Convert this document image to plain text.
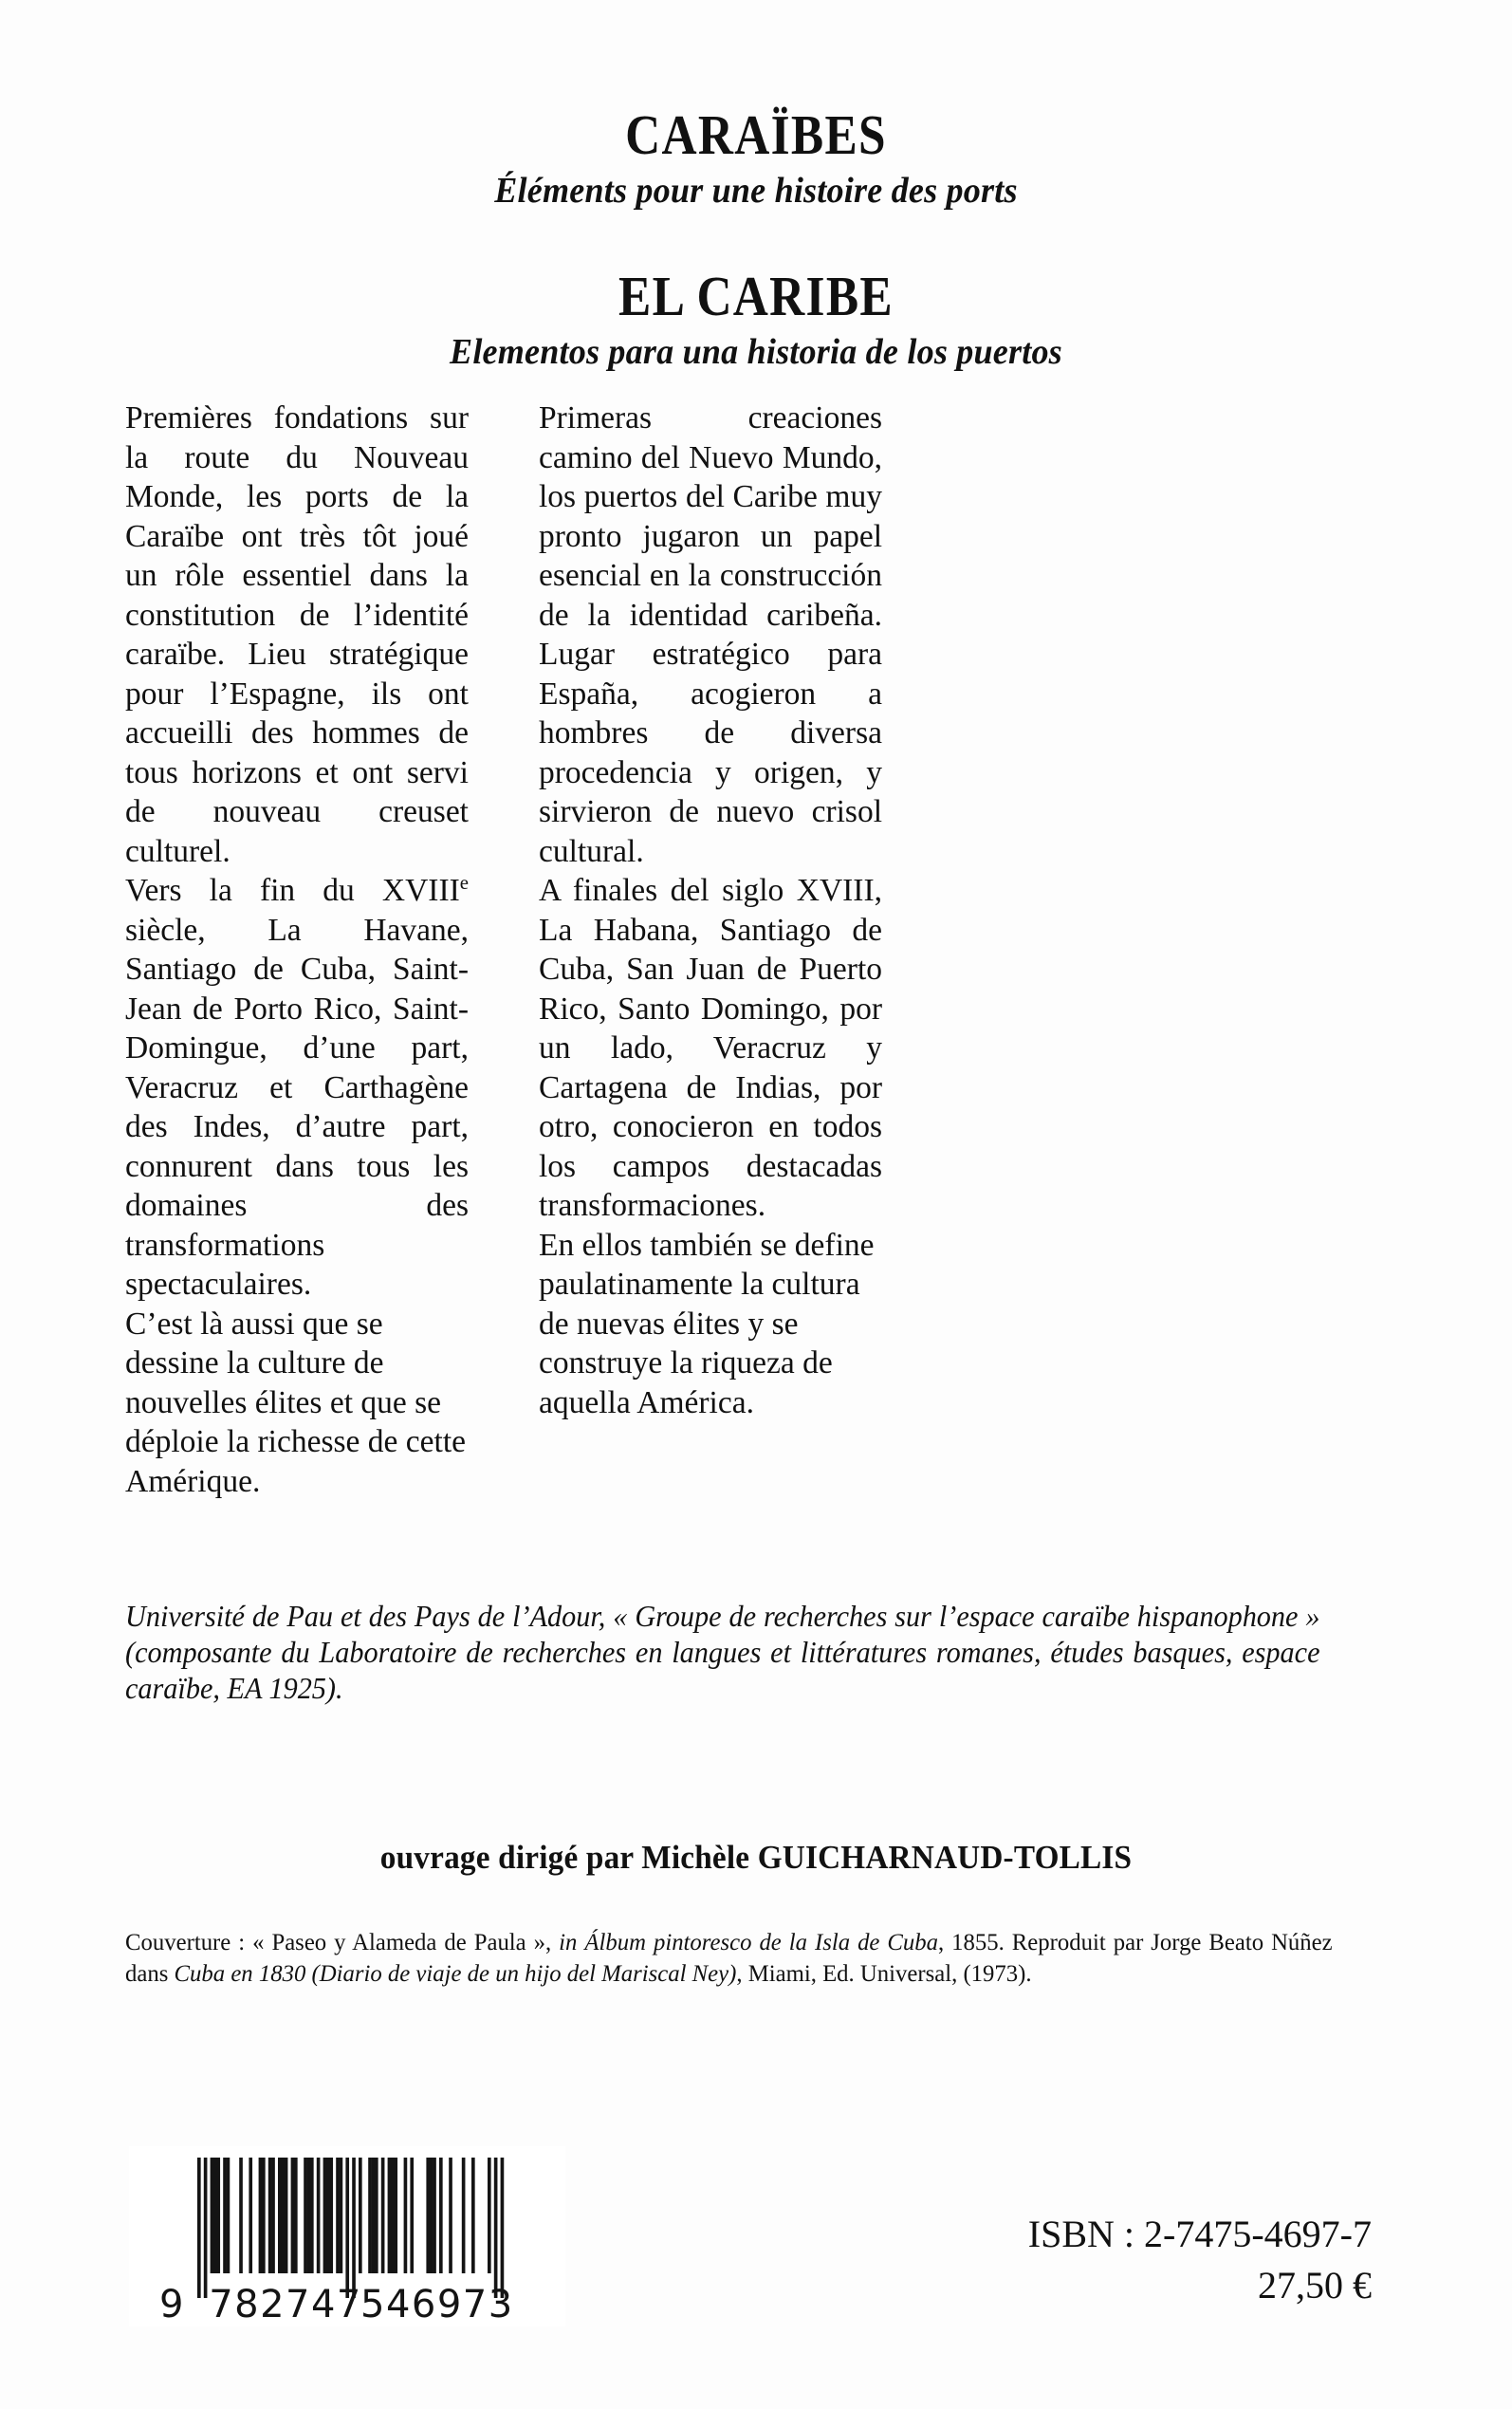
CARAÏBES
Éléments pour une histoire des ports
EL CARIBE
Elementos para una historia de los puertos

Premières fondations sur la route du Nouveau Monde, les ports de la Caraïbe ont très tôt joué un rôle essentiel dans la constitution de l’identité caraïbe. Lieu stratégique pour l’Espagne, ils ont accueilli des hommes de tous horizons et ont servi de nouveau creuset culturel.

Vers la fin du XVIIIe siècle, La Havane, Santiago de Cuba, Saint-Jean de Porto Rico, Saint-Domingue, d’une part, Veracruz et Carthagène des Indes, d’autre part, connurent dans tous les domaines des transformations spectaculaires.

C’est là aussi que se dessine la culture de nouvelles élites et que se déploie la richesse de cette Amérique.

Primeras creaciones camino del Nuevo Mundo, los puertos del Caribe muy pronto jugaron un papel esencial en la construcción de la identidad caribeña. Lugar estratégico para España, acogieron a hombres de diversa procedencia y origen, y sirvieron de nuevo crisol cultural.

A finales del siglo XVIII, La Habana, Santiago de Cuba, San Juan de Puerto Rico, Santo Domingo, por un lado, Veracruz y Cartagena de Indias, por otro, conocieron en todos los campos destacadas transformaciones.

En ellos también se define paulatinamente la cultura de nuevas élites y se construye la riqueza de aquella América.

Université de Pau et des Pays de l’Adour, « Groupe de recherches sur l’espace caraïbe hispanophone » (composante du Laboratoire de recherches en langues et littératures romanes, études basques, espace caraïbe, EA 1925).
ouvrage dirigé par Michèle GUICHARNAUD-TOLLIS
Couverture : « Paseo y Alameda de Paula », in Álbum pintoresco de la Isla de Cuba, 1855. Reproduit par Jorge Beato Núñez dans Cuba en 1830 (Diario de viaje de un hijo del Mariscal Ney), Miami, Ed. Universal, (1973).
9 782747
546973
ISBN : 2-7475-4697-7
27,50 €
